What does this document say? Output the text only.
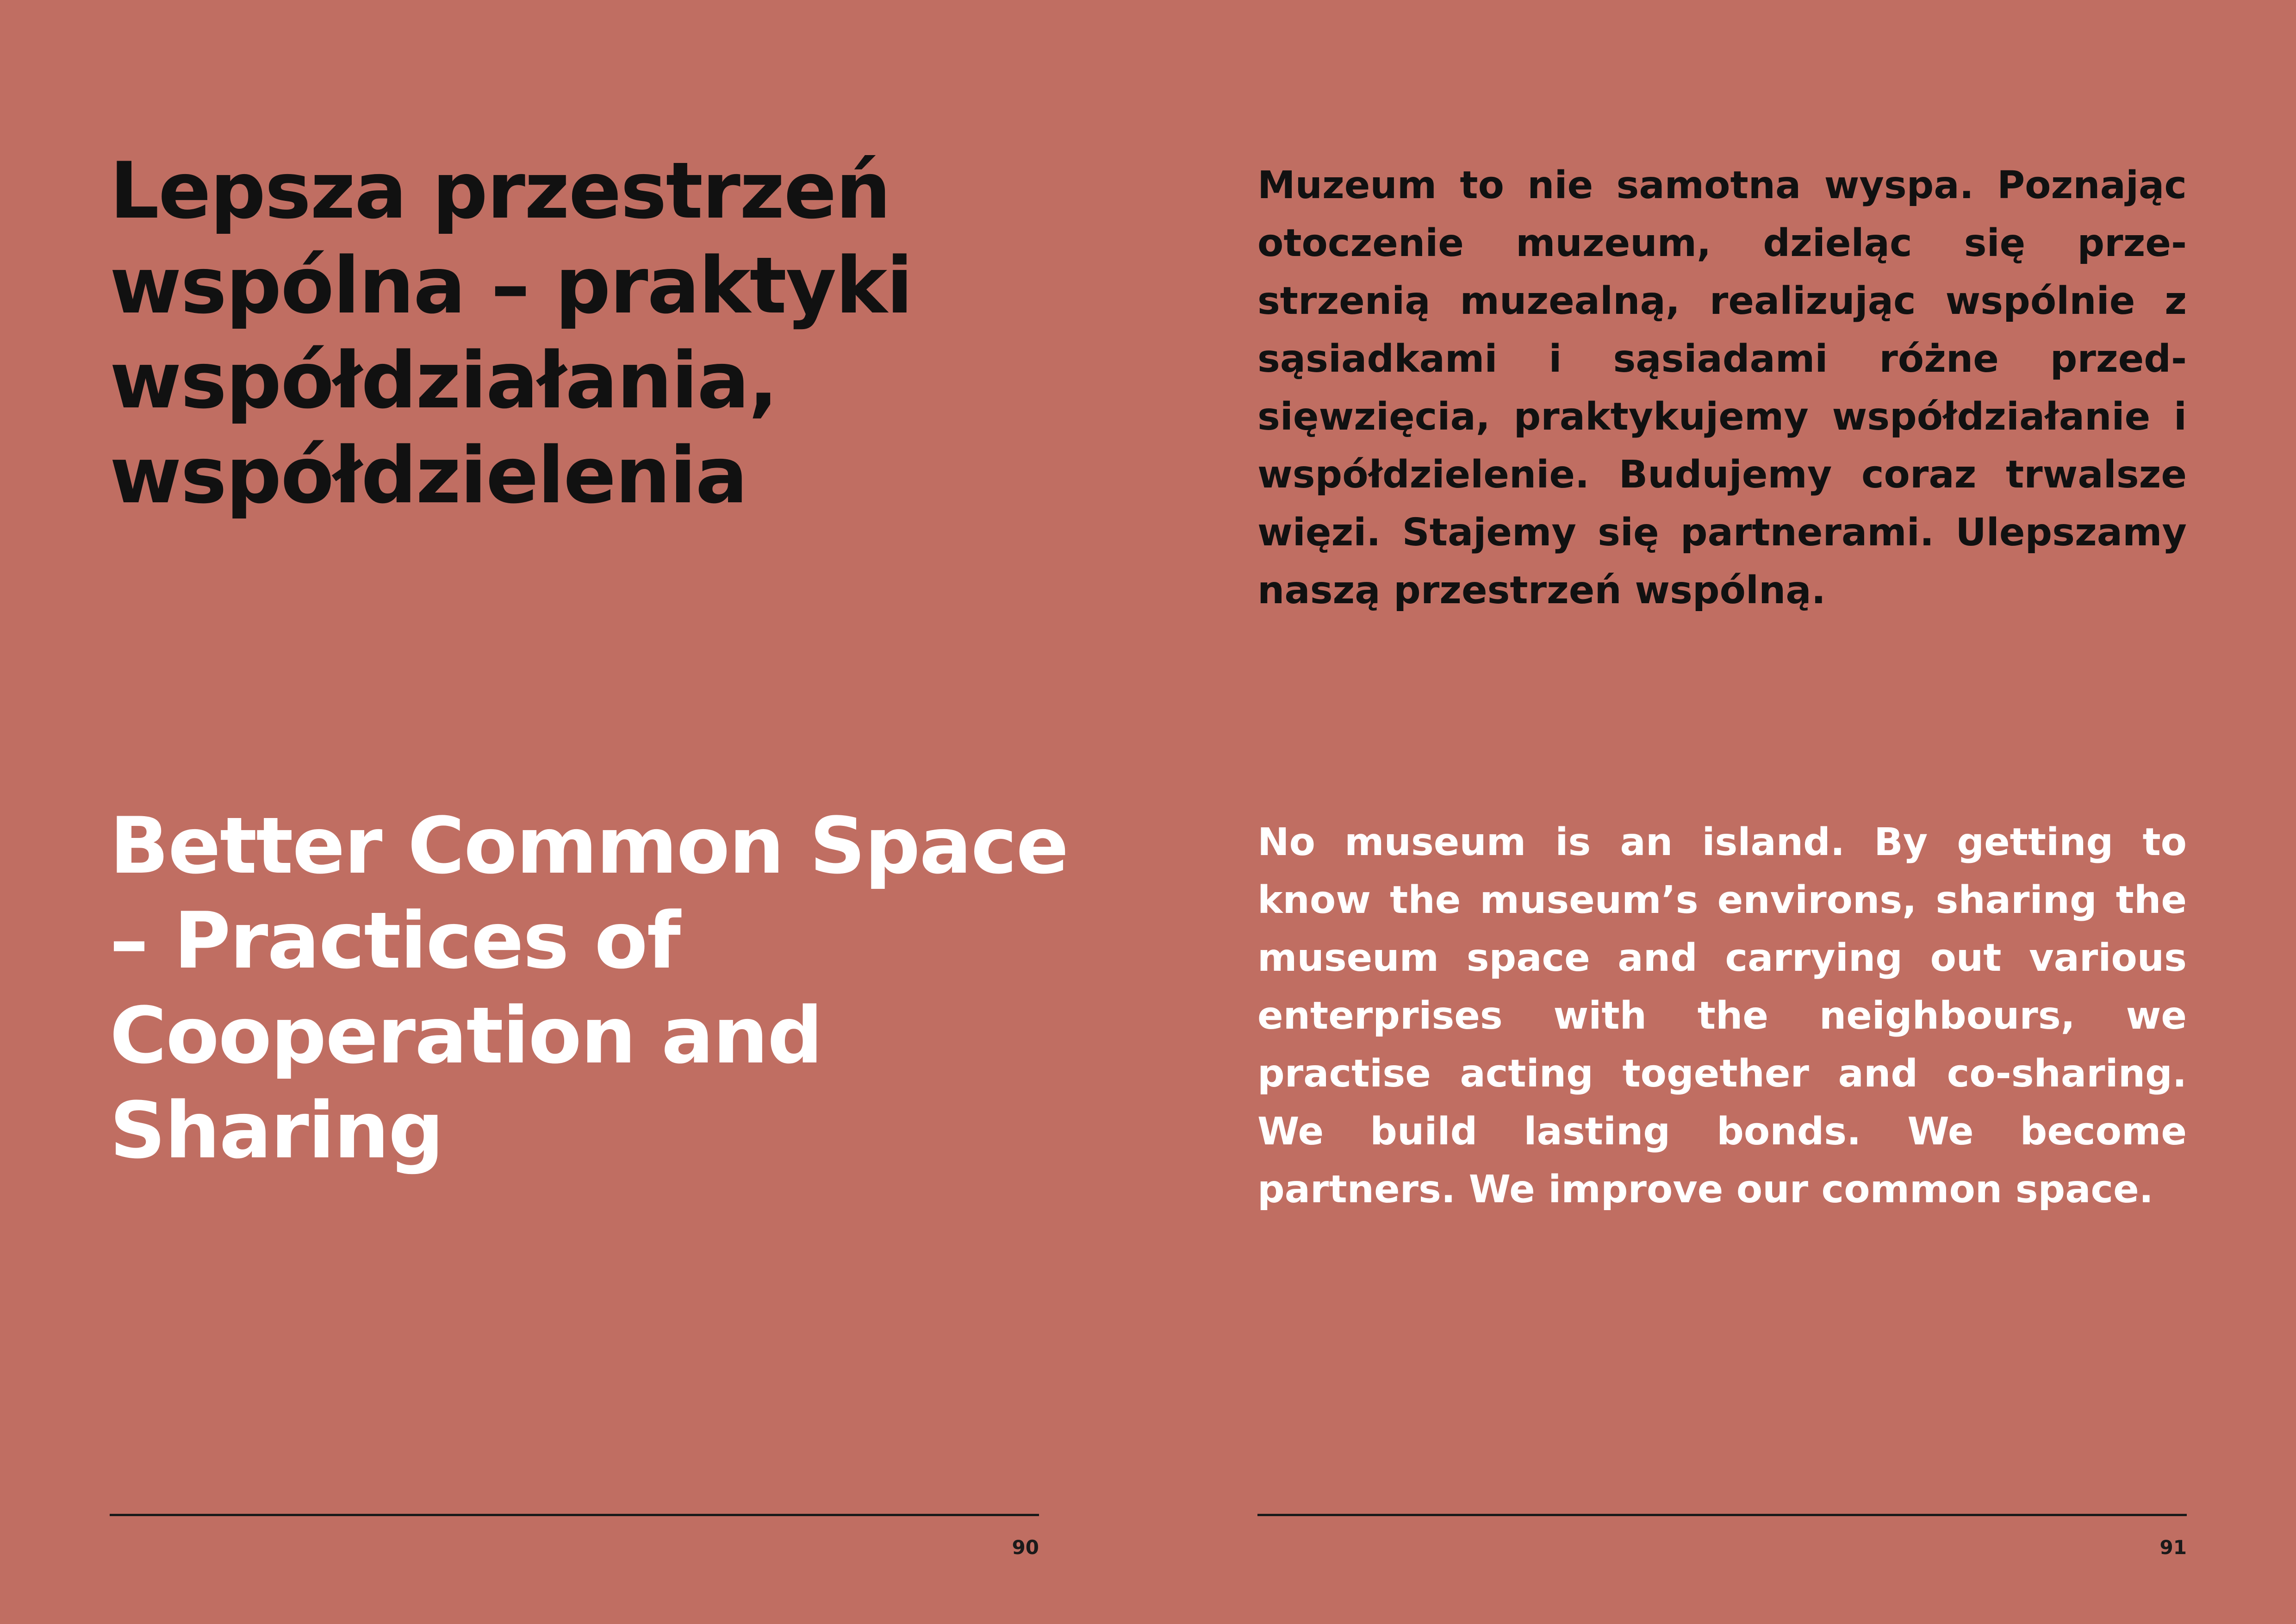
Lepsza przestrzeń wspólna – praktyki współdziałania, współdzielenia
Better Common Space – Practices of Cooperation and Sharing
90

Muzeum to nie samotna wyspa. Poznając otoczenie muzeum, dzieląc się przestrzenią muzealną, realizując wspólnie z sąsiadkami i sąsiadami różne przedsięwzięcia, praktykujemy współdziałanie i współdzielenie. Budujemy coraz trwalsze więzi. Stajemy się partnerami. Ulepszamy naszą przestrzeń wspólną.

No museum is an island. By getting to know the museum’s environs, sharing the museum space and carrying out various enterprises with the neighbours, we practise acting together and co-sharing. We build lasting bonds. We become partners. We improve our common space.

91
